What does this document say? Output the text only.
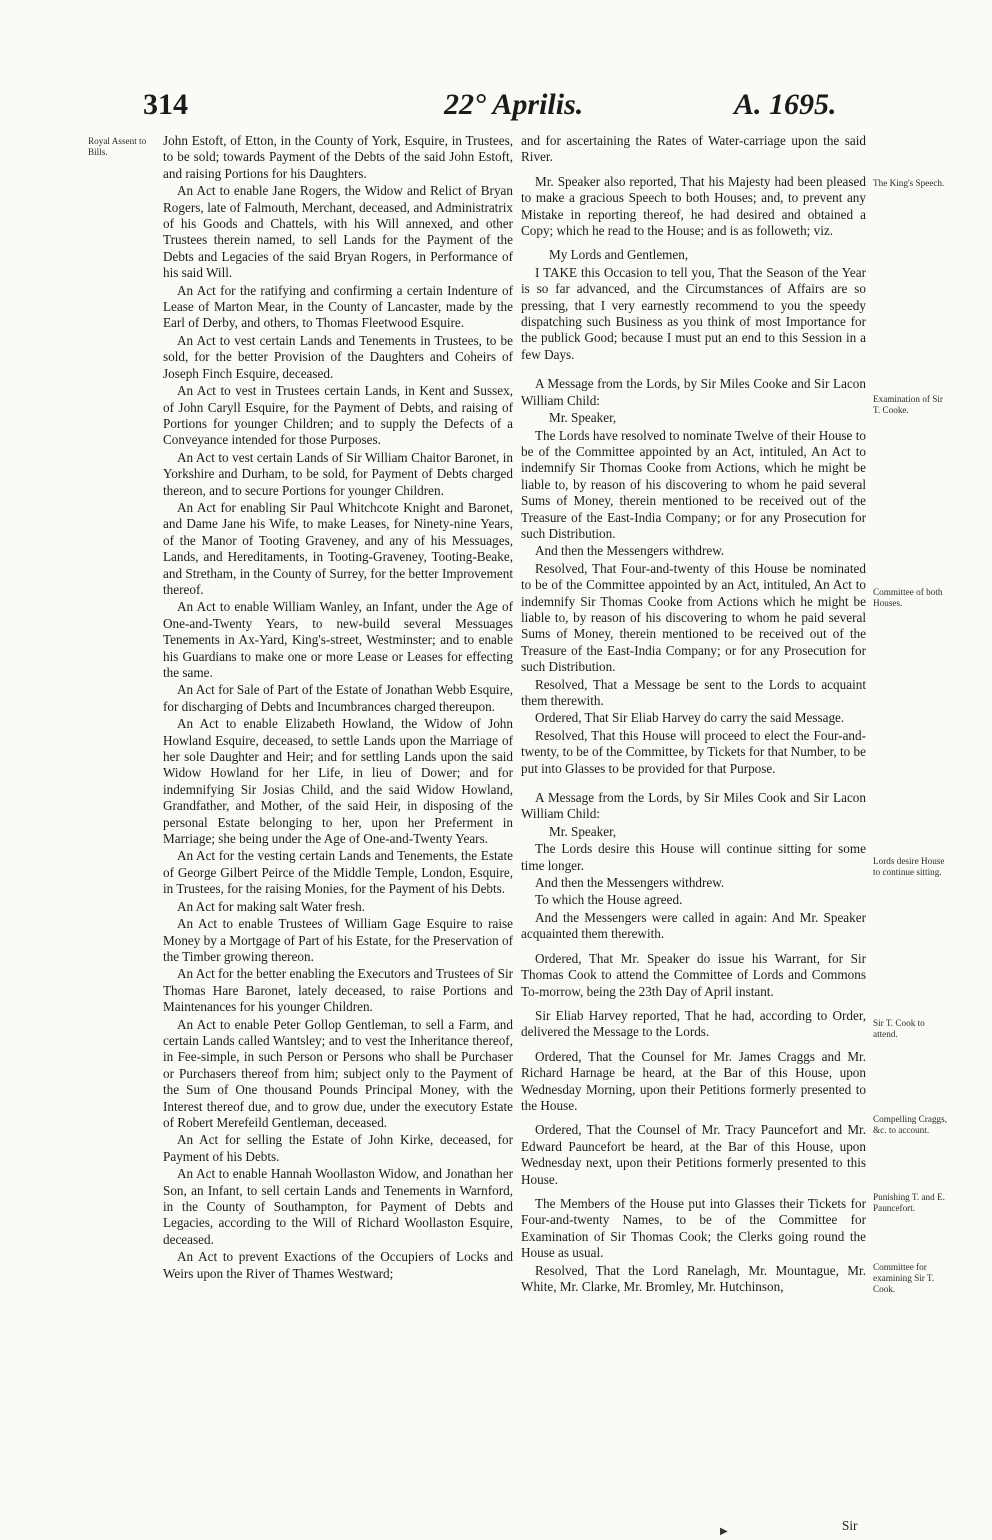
314	22° Aprilis.	A. 1695.
Royal Assent to Bills.
The King's Speech.
Examination of Sir T. Cooke.
Committee of both Houses.
Lords desire House to continue sitting.
Sir T. Cook to attend.
Compelling Craggs, &c. to account.
Punishing T. and E. Pauncefort.
Committee for examining Sir T. Cook.

John Estoft, of Etton, in the County of York, Esquire, in Trustees, to be sold; towards Payment of the Debts of the said John Estoft, and raising Portions for his Daughters.

An Act to enable Jane Rogers, the Widow and Relict of Bryan Rogers, late of Falmouth, Merchant, deceased, and Administratrix of his Goods and Chattels, with his Will annexed, and other Trustees therein named, to sell Lands for the Payment of the Debts and Legacies of the said Bryan Rogers, in Performance of his said Will.

An Act for the ratifying and confirming a certain Indenture of Lease of Marton Mear, in the County of Lancaster, made by the Earl of Derby, and others, to Thomas Fleetwood Esquire.

An Act to vest certain Lands and Tenements in Trustees, to be sold, for the better Provision of the Daughters and Coheirs of Joseph Finch Esquire, deceased.

An Act to vest in Trustees certain Lands, in Kent and Sussex, of John Caryll Esquire, for the Payment of Debts, and raising of Portions for younger Children; and to supply the Defects of a Conveyance intended for those Purposes.

An Act to vest certain Lands of Sir William Chaitor Baronet, in Yorkshire and Durham, to be sold, for Payment of Debts charged thereon, and to secure Portions for younger Children.

An Act for enabling Sir Paul Whitchcote Knight and Baronet, and Dame Jane his Wife, to make Leases, for Ninety-nine Years, of the Manor of Tooting Graveney, and any of his Messuages, Lands, and Hereditaments, in Tooting-Graveney, Tooting-Beake, and Stretham, in the County of Surrey, for the better Improvement thereof.

An Act to enable William Wanley, an Infant, under the Age of One-and-Twenty Years, to new-build several Messuages Tenements in Ax-Yard, King's-street, Westminster; and to enable his Guardians to make one or more Lease or Leases for effecting the same.

An Act for Sale of Part of the Estate of Jonathan Webb Esquire, for discharging of Debts and Incumbrances charged thereupon.

An Act to enable Elizabeth Howland, the Widow of John Howland Esquire, deceased, to settle Lands upon the Marriage of her sole Daughter and Heir; and for settling Lands upon the said Widow Howland for her Life, in lieu of Dower; and for indemnifying Sir Josias Child, and the said Widow Howland, Grandfather, and Mother, of the said Heir, in disposing of the personal Estate belonging to her, upon her Preferment in Marriage; she being under the Age of One-and-Twenty Years.

An Act for the vesting certain Lands and Tenements, the Estate of George Gilbert Peirce of the Middle Temple, London, Esquire, in Trustees, for the raising Monies, for the Payment of his Debts.

An Act for making salt Water fresh.

An Act to enable Trustees of William Gage Esquire to raise Money by a Mortgage of Part of his Estate, for the Preservation of the Timber growing thereon.

An Act for the better enabling the Executors and Trustees of Sir Thomas Hare Baronet, lately deceased, to raise Portions and Maintenances for his younger Children.

An Act to enable Peter Gollop Gentleman, to sell a Farm, and certain Lands called Wantsley; and to vest the Inheritance thereof, in Fee-simple, in such Person or Persons who shall be Purchaser or Purchasers thereof from him; subject only to the Payment of the Sum of One thousand Pounds Principal Money, with the Interest thereof due, and to grow due, under the executory Estate of Robert Merefeild Gentleman, deceased.

An Act for selling the Estate of John Kirke, deceased, for Payment of his Debts.

An Act to enable Hannah Woollaston Widow, and Jonathan her Son, an Infant, to sell certain Lands and Tenements in Warnford, in the County of Southampton, for Payment of Debts and Legacies, according to the Will of Richard Woollaston Esquire, deceased.

An Act to prevent Exactions of the Occupiers of Locks and Weirs upon the River of Thames Westward;

and for ascertaining the Rates of Water-carriage upon the said River.

Mr. Speaker also reported, That his Majesty had been pleased to make a gracious Speech to both Houses; and, to prevent any Mistake in reporting thereof, he had desired and obtained a Copy; which he read to the House; and is as followeth; viz.

My Lords and Gentlemen,

I TAKE this Occasion to tell you, That the Season of the Year is so far advanced, and the Circumstances of Affairs are so pressing, that I very earnestly recommend to you the speedy dispatching such Business as you think of most Importance for the publick Good; because I must put an end to this Session in a few Days.

A Message from the Lords, by Sir Miles Cooke and Sir Lacon William Child:

Mr. Speaker,

The Lords have resolved to nominate Twelve of their House to be of the Committee appointed by an Act, intituled, An Act to indemnify Sir Thomas Cooke from Actions, which he might be liable to, by reason of his discovering to whom he paid several Sums of Money, therein mentioned to be received out of the Treasure of the East-India Company; or for any Prosecution for such Distribution.

And then the Messengers withdrew.

Resolved, That Four-and-twenty of this House be nominated to be of the Committee appointed by an Act, intituled, An Act to indemnify Sir Thomas Cooke from Actions which he might be liable to, by reason of his discovering to whom he paid several Sums of Money, therein mentioned to be received out of the Treasure of the East-India Company; or for any Prosecution for such Distribution.

Resolved, That a Message be sent to the Lords to acquaint them therewith.

Ordered, That Sir Eliab Harvey do carry the said Message.

Resolved, That this House will proceed to elect the Four-and-twenty, to be of the Committee, by Tickets for that Number, to be put into Glasses to be provided for that Purpose.

A Message from the Lords, by Sir Miles Cook and Sir Lacon William Child:

Mr. Speaker,

The Lords desire this House will continue sitting for some time longer.

And then the Messengers withdrew.

To which the House agreed.

And the Messengers were called in again: And Mr. Speaker acquainted them therewith.

Ordered, That Mr. Speaker do issue his Warrant, for Sir Thomas Cook to attend the Committee of Lords and Commons To-morrow, being the 23th Day of April instant.

Sir Eliab Harvey reported, That he had, according to Order, delivered the Message to the Lords.

Ordered, That the Counsel for Mr. James Craggs and Mr. Richard Harnage be heard, at the Bar of this House, upon Wednesday Morning, upon their Petitions formerly presented to the House.

Ordered, That the Counsel of Mr. Tracy Pauncefort and Mr. Edward Pauncefort be heard, at the Bar of this House, upon Wednesday next, upon their Petitions formerly presented to this House.

The Members of the House put into Glasses their Tickets for Four-and-twenty Names, to be of the Committee for Examination of Sir Thomas Cook; the Clerks going round the House as usual.

Resolved, That the Lord Ranelagh, Mr. Mountague, Mr. White, Mr. Clarke, Mr. Bromley, Mr. Hutchinson,

Sir
▶
